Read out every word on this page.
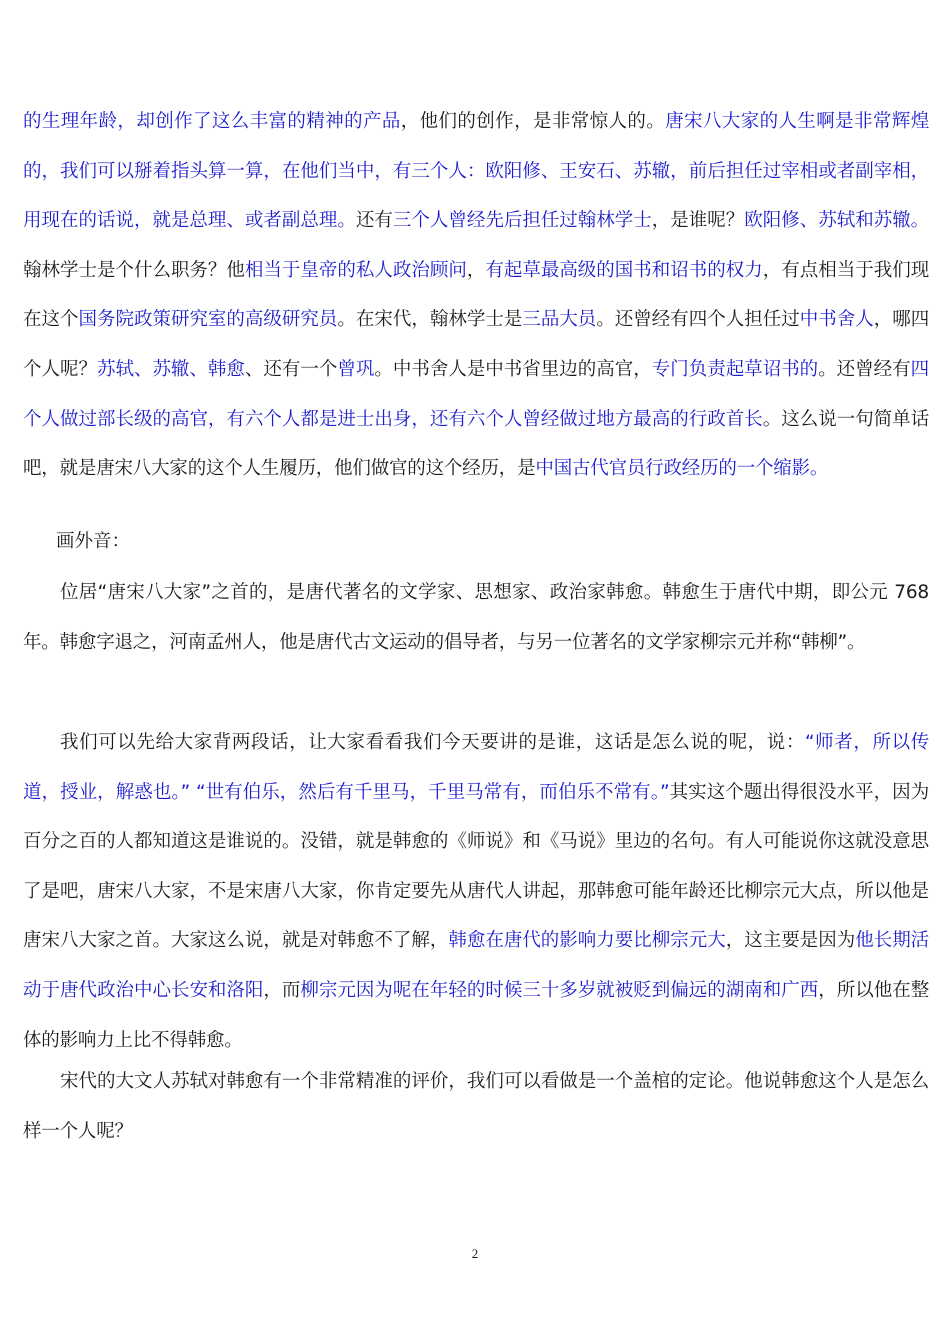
的生理年龄，却创作了这么丰富的精神的产品，他们的创作，是非常惊人的。唐宋八大家的人生啊是非常辉煌的，我们可以掰着指头算一算，在他们当中，有三个人：欧阳修、王安石、苏辙，前后担任过宰相或者副宰相，用现在的话说，就是总理、或者副总理。还有三个人曾经先后担任过翰林学士，是谁呢？欧阳修、苏轼和苏辙。翰林学士是个什么职务？他相当于皇帝的私人政治顾问，有起草最高级的国书和诏书的权力，有点相当于我们现在这个国务院政策研究室的高级研究员。在宋代，翰林学士是三品大员。还曾经有四个人担任过中书舍人，哪四个人呢？苏轼、苏辙、韩愈、还有一个曾巩。中书舍人是中书省里边的高官，专门负责起草诏书的。还曾经有四个人做过部长级的高官，有六个人都是进士出身，还有六个人曾经做过地方最高的行政首长。这么说一句简单话吧，就是唐宋八大家的这个人生履历，他们做官的这个经历，是中国古代官员行政经历的一个缩影。

画外音：

位居“唐宋八大家”之首的，是唐代著名的文学家、思想家、政治家韩愈。韩愈生于唐代中期，即公元 768 年。韩愈字退之，河南孟州人，他是唐代古文运动的倡导者，与另一位著名的文学家柳宗元并称“韩柳”。

我们可以先给大家背两段话，让大家看看我们今天要讲的是谁，这话是怎么说的呢，说：“师者，所以传道，授业，解惑也。” “世有伯乐，然后有千里马，千里马常有，而伯乐不常有。”其实这个题出得很没水平，因为百分之百的人都知道这是谁说的。没错，就是韩愈的《师说》和《马说》里边的名句。有人可能说你这就没意思了是吧，唐宋八大家，不是宋唐八大家，你肯定要先从唐代人讲起，那韩愈可能年龄还比柳宗元大点，所以他是唐宋八大家之首。大家这么说，就是对韩愈不了解，韩愈在唐代的影响力要比柳宗元大，这主要是因为他长期活动于唐代政治中心长安和洛阳，而柳宗元因为呢在年轻的时候三十多岁就被贬到偏远的湖南和广西，所以他在整体的影响力上比不得韩愈。

宋代的大文人苏轼对韩愈有一个非常精准的评价，我们可以看做是一个盖棺的定论。他说韩愈这个人是怎么样一个人呢？

2
